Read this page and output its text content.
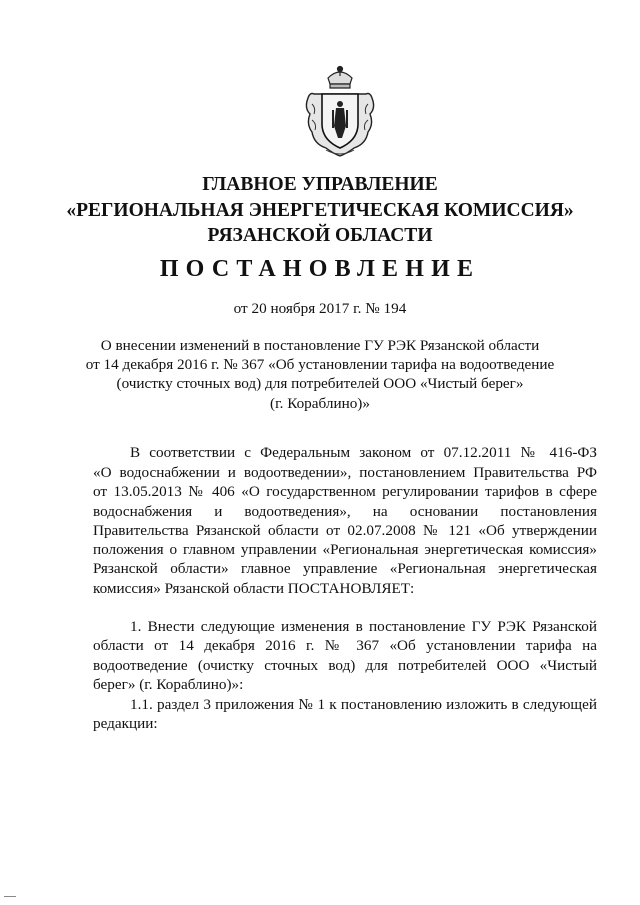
ГЛАВНОЕ УПРАВЛЕНИЕ

«РЕГИОНАЛЬНАЯ ЭНЕРГЕТИЧЕСКАЯ КОМИССИЯ»

РЯЗАНСКОЙ ОБЛАСТИ

ПОСТАНОВЛЕНИЕ

от 20 ноября 2017 г. № 194
О внесении изменений в постановление ГУ РЭК Рязанской области
от 14 декабря 2016 г. № 367 «Об установлении тарифа на водоотведение
(очистку сточных вод) для потребителей ООО «Чистый берег»
(г. Кораблино)»
В соответствии с Федеральным законом от 07.12.2011 № 416-ФЗ
«О водоснабжении и водоотведении», постановлением Правительства РФ
от 13.05.2013 № 406 «О государственном регулировании тарифов в сфере
водоснабжения и водоотведения», на основании постановления
Правительства Рязанской области от 02.07.2008 № 121 «Об утверждении
положения о главном управлении «Региональная энергетическая комиссия»
Рязанской области» главное управление «Региональная энергетическая
комиссия» Рязанской области ПОСТАНОВЛЯЕТ:
1. Внести следующие изменения в постановление ГУ РЭК Рязанской
области от 14 декабря 2016 г. № 367 «Об установлении тарифа на
водоотведение (очистку сточных вод) для потребителей ООО «Чистый
берег» (г. Кораблино)»:
1.1. раздел 3 приложения № 1 к постановлению изложить в следующей
редакции:
